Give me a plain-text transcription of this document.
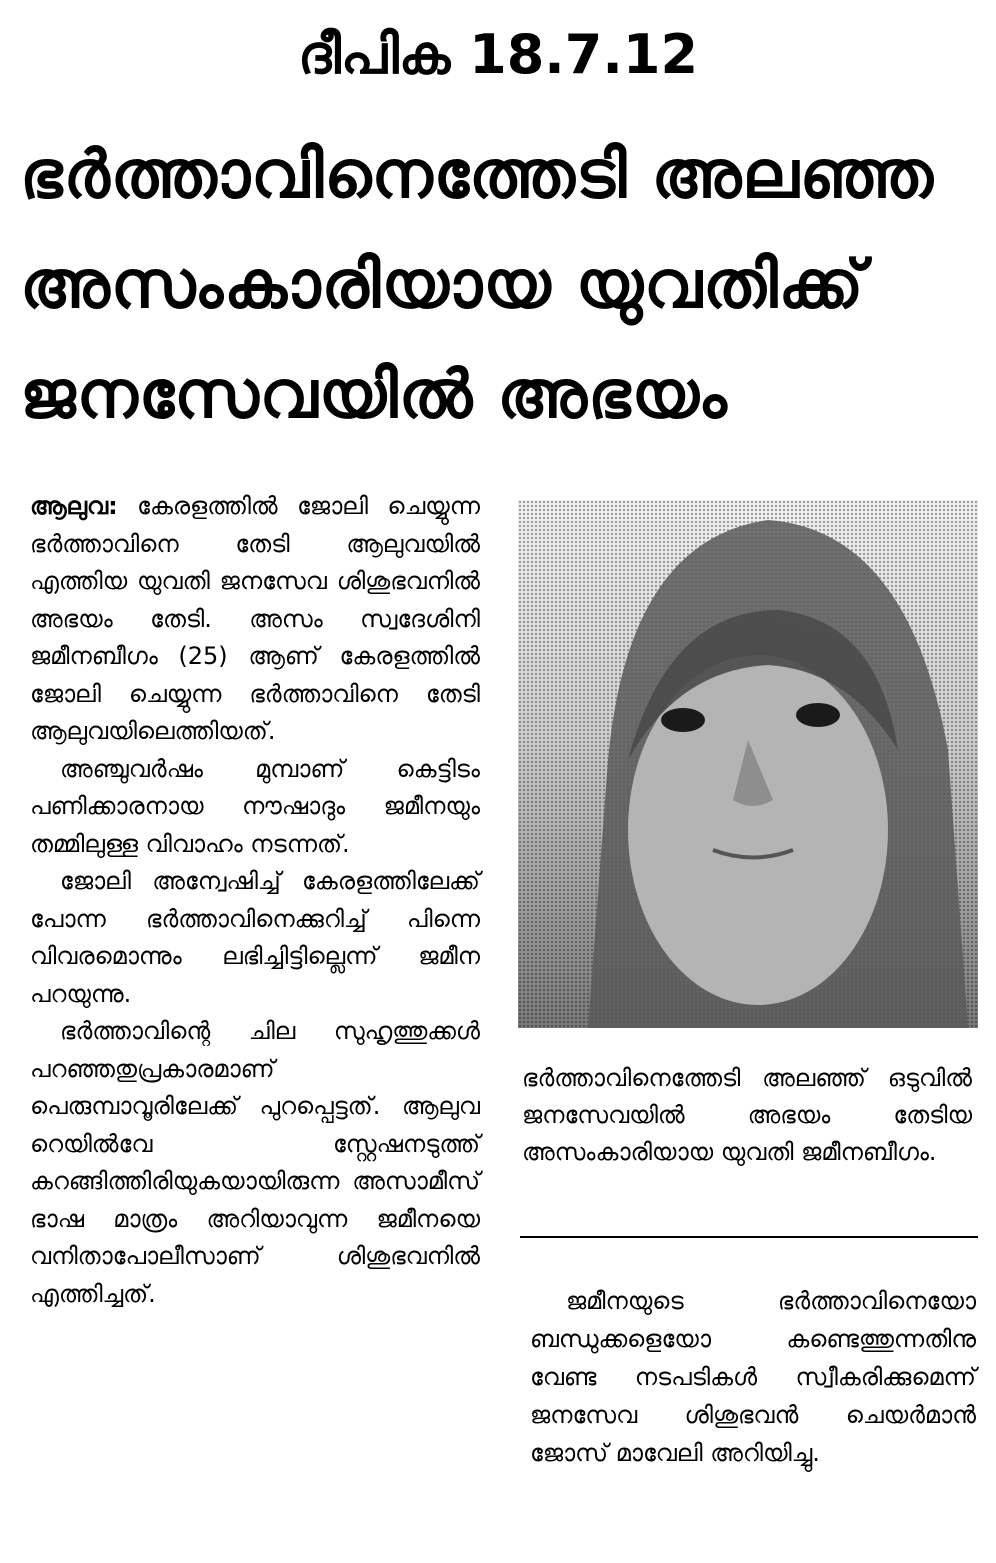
ദീപിക 18.7.12
ഭർത്താവിനെത്തേടി അലഞ്ഞ
അസംകാരിയായ യുവതിക്ക്
ജനസേവയിൽ അഭയം

ആലുവ: കേരളത്തിൽ ജോലി ചെയ്യുന്ന ഭർത്താവിനെ തേടി ആലുവയിൽ എത്തിയ യുവതി ജനസേവ ശിശുഭവനിൽ അഭയം തേടി. അസം സ്വദേശിനി ജമീനബീഗം (25) ആണ് കേരളത്തിൽ ജോലി ചെയ്യുന്ന ഭർത്താവിനെ തേടി ആലുവയിലെത്തിയത്.

അഞ്ചുവർഷം മുമ്പാണ് കെട്ടിടം പണിക്കാരനായ നൗഷാദും ജമീനയും തമ്മിലുള്ള വിവാഹം നടന്നത്.

ജോലി അന്വേഷിച്ച് കേരളത്തിലേക്ക് പോന്ന ഭർത്താവിനെക്കുറിച്ച് പിന്നെ വിവരമൊന്നും ലഭിച്ചിട്ടില്ലെന്ന് ജമീന പറയുന്നു.

ഭർത്താവിന്റെ ചില സുഹൃത്തുക്കൾ പറഞ്ഞതുപ്രകാരമാണ് പെരുമ്പാവൂരിലേക്ക് പുറപ്പെട്ടത്. ആലുവ റെയിൽവേ സ്റ്റേഷനടുത്ത് കറങ്ങിത്തിരിയുകയായിരുന്ന അസാമീസ് ഭാഷ മാത്രം അറിയാവുന്ന ജമീനയെ വനിതാപോലീസാണ് ശിശുഭവനിൽ എത്തിച്ചത്.

ഭർത്താവിനെത്തേടി അലഞ്ഞ് ഒടുവിൽ ജനസേവയിൽ അഭയം തേടിയ അസംകാരിയായ യുവതി ജമീനബീഗം.

ജമീനയുടെ ഭർത്താവിനെയോ ബന്ധുക്കളെയോ കണ്ടെത്തുന്നതിനു വേണ്ട നടപടികൾ സ്വീകരിക്കുമെന്ന് ജനസേവ ശിശുഭവൻ ചെയർമാൻ ജോസ് മാവേലി അറിയിച്ചു.
